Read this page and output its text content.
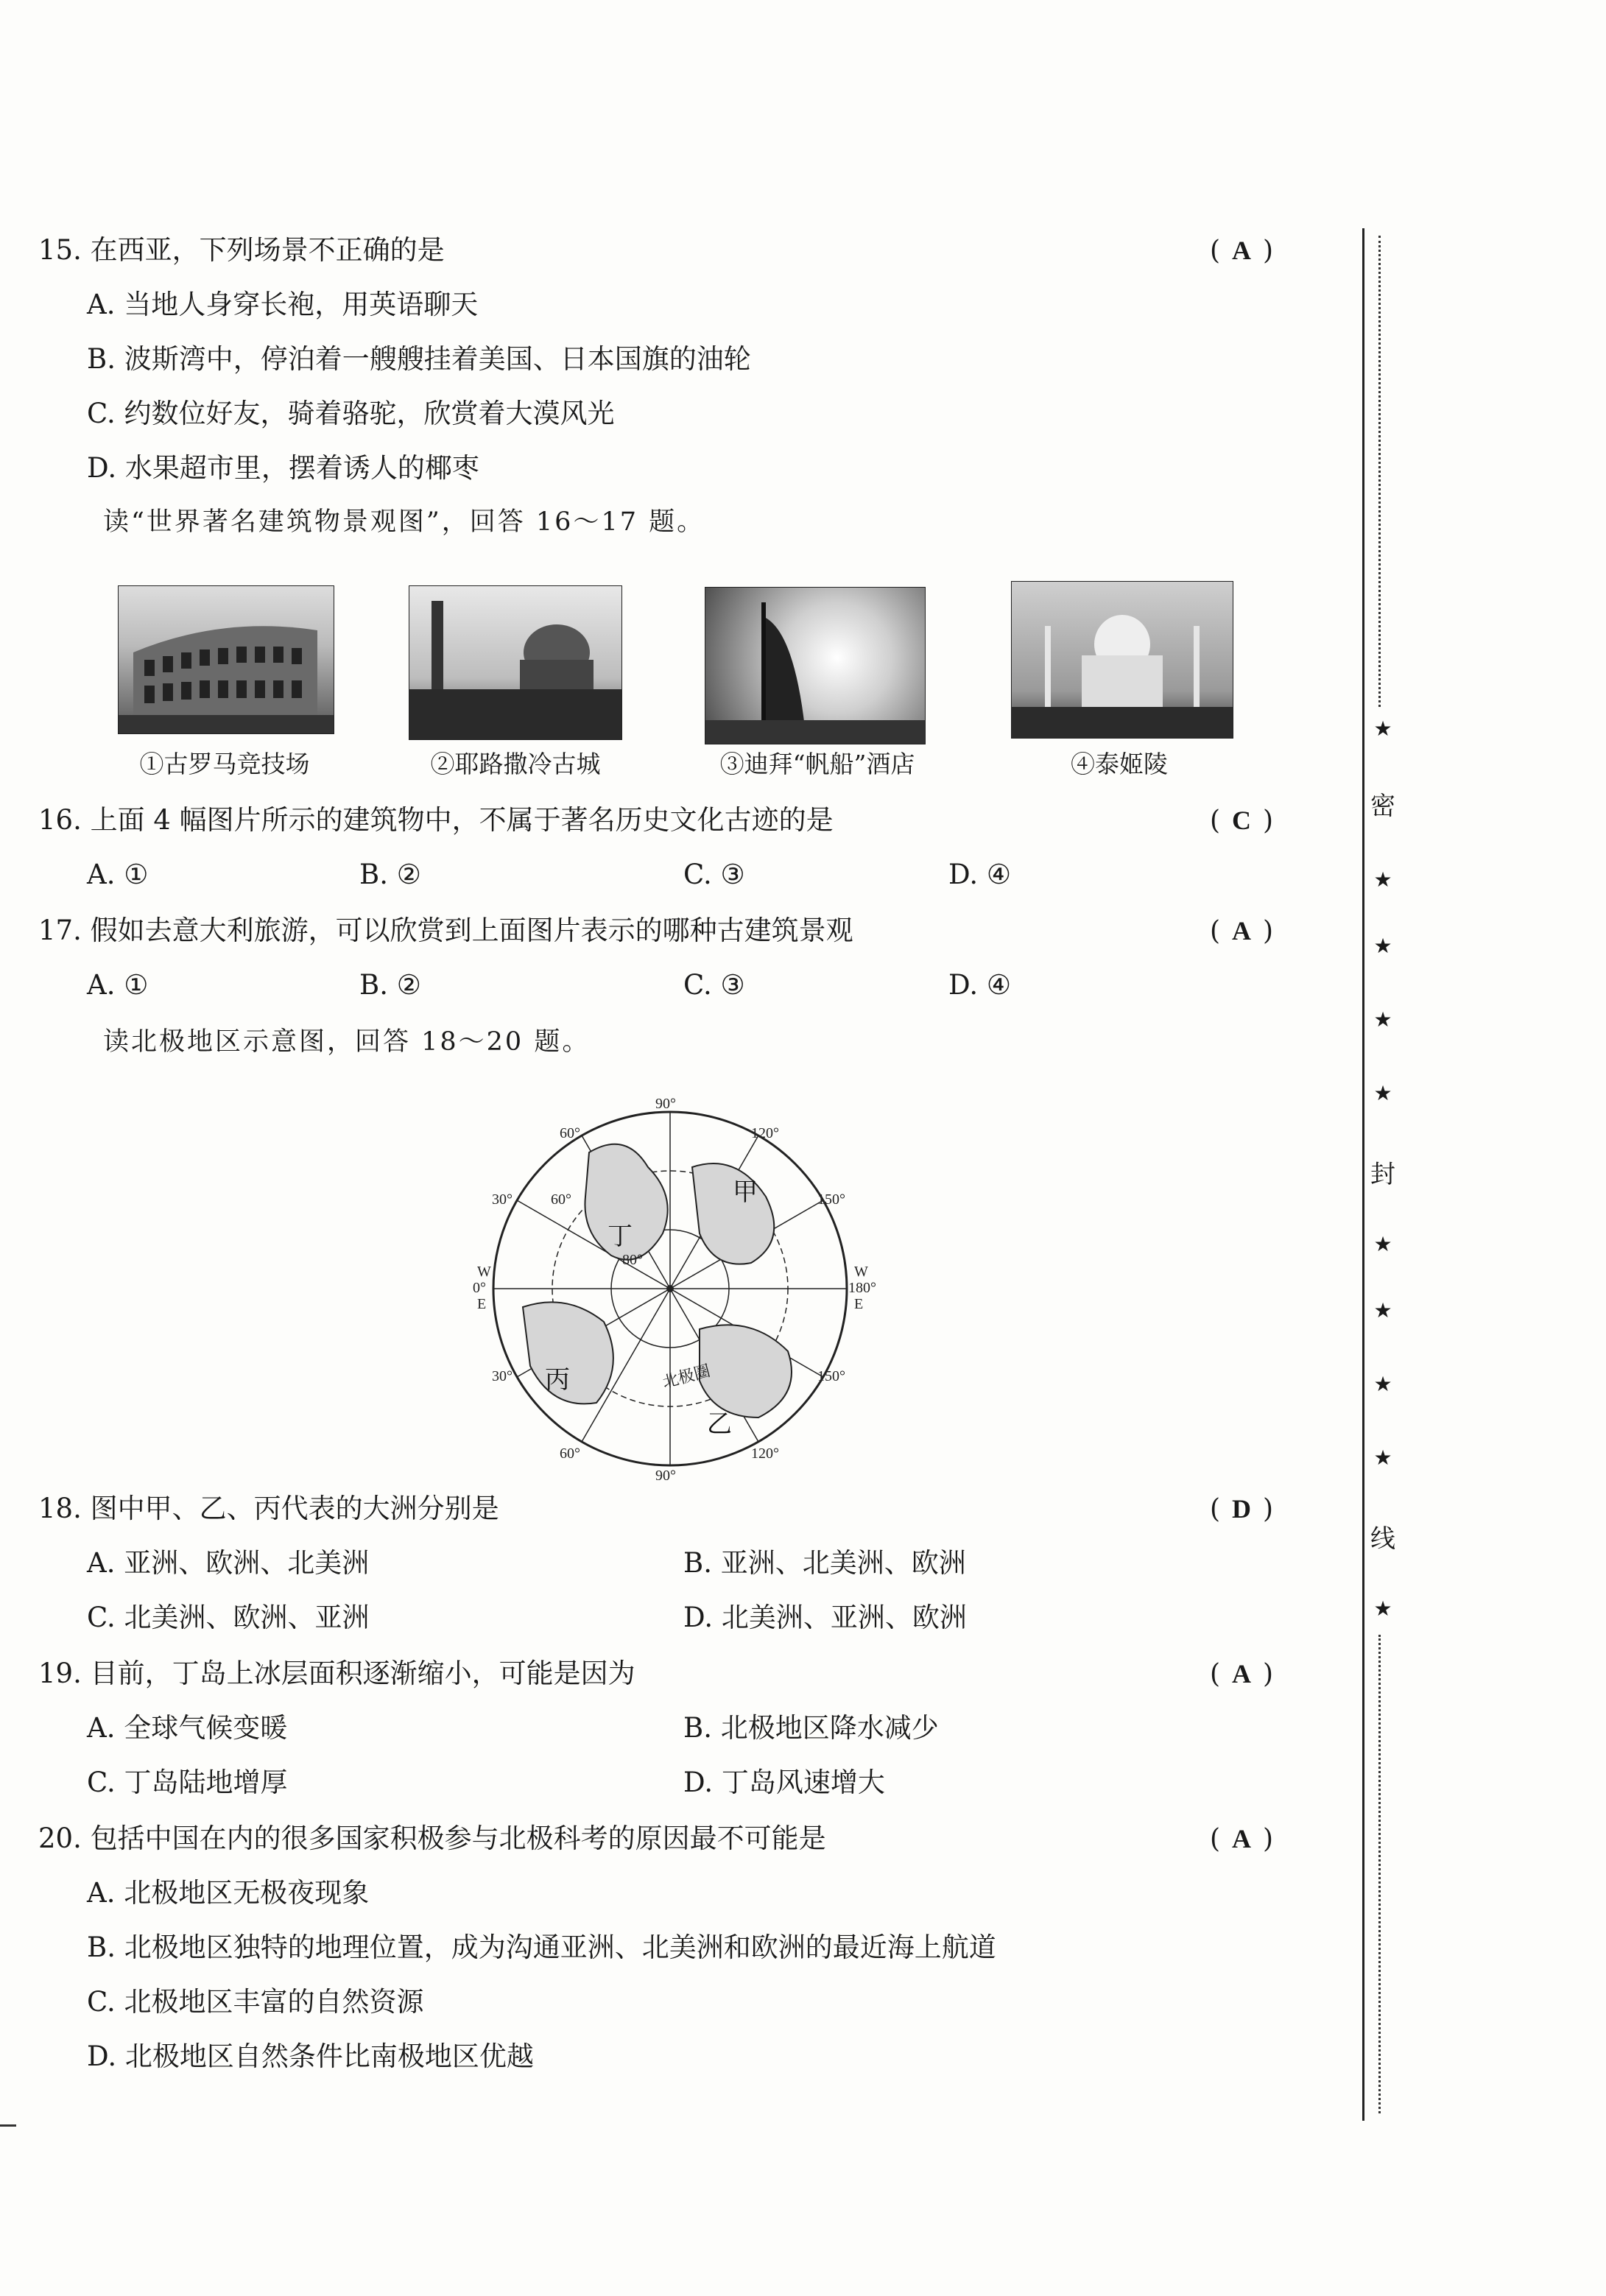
15. 在西亚，下列场景不正确的是	( A )
A. 当地人身穿长袍，用英语聊天
B. 波斯湾中，停泊着一艘艘挂着美国、日本国旗的油轮
C. 约数位好友，骑着骆驼，欣赏着大漠风光
D. 水果超市里，摆着诱人的椰枣
读“世界著名建筑物景观图”，回答 16～17 题。
①古罗马竞技场	②耶路撒冷古城	③迪拜“帆船”酒店	④泰姬陵
16. 上面 4 幅图片所示的建筑物中，不属于著名历史文化古迹的是	( C )
A. ①	B. ②	C. ③	D. ④
17. 假如去意大利旅游，可以欣赏到上面图片表示的哪种古建筑景观	( A )
A. ①	B. ②	C. ③	D. ④
读北极地区示意图，回答 18～20 题。
90°
60°	120°
30°	150°
60°
80°
W
0°
E
W
180°
E
30°	150°
60°	120°
90°
甲
丁
丙
乙
北极圈
18. 图中甲、乙、丙代表的大洲分别是	( D )
A. 亚洲、欧洲、北美洲	B. 亚洲、北美洲、欧洲
C. 北美洲、欧洲、亚洲	D. 北美洲、亚洲、欧洲
19. 目前，丁岛上冰层面积逐渐缩小，可能是因为	( A )
A. 全球气候变暖	B. 北极地区降水减少
C. 丁岛陆地增厚	D. 丁岛风速增大
20. 包括中国在内的很多国家积极参与北极科考的原因最不可能是	( A )
A. 北极地区无极夜现象
B. 北极地区独特的地理位置，成为沟通亚洲、北美洲和欧洲的最近海上航道
C. 北极地区丰富的自然资源
D. 北极地区自然条件比南极地区优越
★
密
★
★
★
★
封
★
★
★
★
线
★
